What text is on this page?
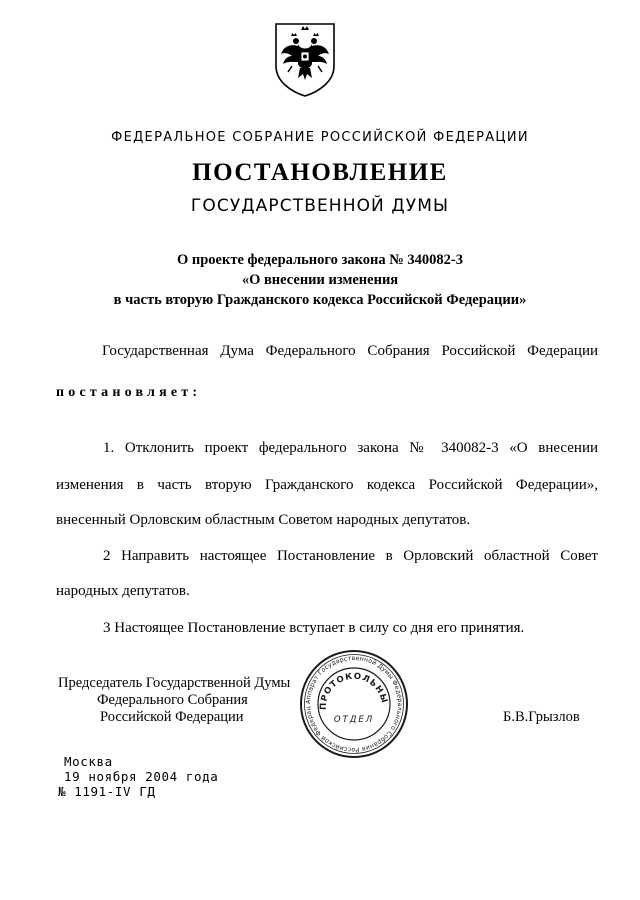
ФЕДЕРАЛЬНОЕ СОБРАНИЕ РОССИЙСКОЙ ФЕДЕРАЦИИ
ПОСТАНОВЛЕНИЕ
ГОСУДАРСТВЕННОЙ ДУМЫ
О проекте федерального закона № 340082-3
«О внесении изменения
в часть вторую Гражданского кодекса Российской Федерации»
Государственная Дума Федерального Собрания Российской Федерации
постановляет:
1. Отклонить проект федерального закона № 340082-3 «О внесении
изменения в часть вторую Гражданского кодекса Российской Федерации»,
внесенный Орловским областным Советом народных депутатов.
2 Направить настоящее Постановление в Орловский областной Совет
народных депутатов.
3 Настоящее Постановление вступает в силу со дня его принятия.
Аппарат Государственной Думы Федерального Собрания Российской Федерац ПРОТОКОЛЬНЫ
ОТДЕЛ
Председатель Государственной Думы
Федерального Собрания
Российской Федерации	Б.В.Грызлов
Москва
19 ноября 2004 года
№ 1191-IV ГД
